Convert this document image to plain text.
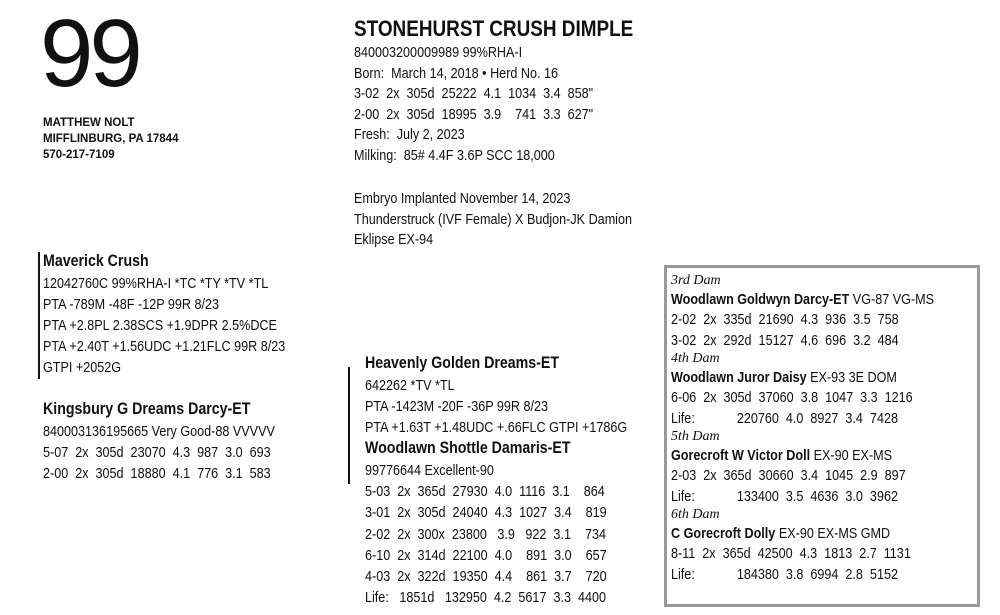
99
MATTHEW NOLT
MIFFLINBURG, PA 17844
570-217-7109
STONEHURST CRUSH DIMPLE
840003200009989 99%RHA-I
Born:  March 14, 2018 • Herd No. 16
3-02  2x  305d  25222  4.1  1034  3.4  858"
2-00  2x  305d  18995  3.9    741  3.3  627"
Fresh:  July 2, 2023
Milking:  85# 4.4F 3.6P SCC 18,000
Embryo Implanted November 14, 2023
Thunderstruck (IVF Female) X Budjon-JK Damion
Eklipse EX-94
Maverick Crush
12042760C 99%RHA-I *TC *TY *TV *TL
PTA -789M -48F -12P 99R 8/23
PTA +2.8PL 2.38SCS +1.9DPR 2.5%DCE
PTA +2.40T +1.56UDC +1.21FLC 99R 8/23
GTPI +2052G
Kingsbury G Dreams Darcy-ET
840003136195665 Very Good-88 VVVVV
5-07  2x  305d  23070  4.3  987  3.0  693
2-00  2x  305d  18880  4.1  776  3.1  583
Heavenly Golden Dreams-ET
642262 *TV *TL
PTA -1423M -20F -36P 99R 8/23
PTA +1.63T +1.48UDC +.66FLC GTPI +1786G
Woodlawn Shottle Damaris-ET
99776644 Excellent-90
5-03  2x  365d  27930  4.0  1116  3.1    864
3-01  2x  305d  24040  4.3  1027  3.4    819
2-02  2x  300x  23800   3.9   922  3.1    734
6-10  2x  314d  22100  4.0    891  3.0    657
4-03  2x  322d  19350  4.4    861  3.7    720
Life:   1851d   132950  4.2  5617  3.3  4400
3rd Dam
Woodlawn Goldwyn Darcy-ET VG-87 VG-MS
2-02  2x  335d  21690  4.3  936  3.5  758
3-02  2x  292d  15127  4.6  696  3.2  484
4th Dam
Woodlawn Juror Daisy EX-93 3E DOM
6-06  2x  305d  37060  3.8  1047  3.3  1216
Life:            220760  4.0  8927  3.4  7428
5th Dam
Gorecroft W Victor Doll EX-90 EX-MS
2-03  2x  365d  30660  3.4  1045  2.9  897
Life:            133400  3.5  4636  3.0  3962
6th Dam
C Gorecroft Dolly EX-90 EX-MS GMD
8-11  2x  365d  42500  4.3  1813  2.7  1131
Life:            184380  3.8  6994  2.8  5152
